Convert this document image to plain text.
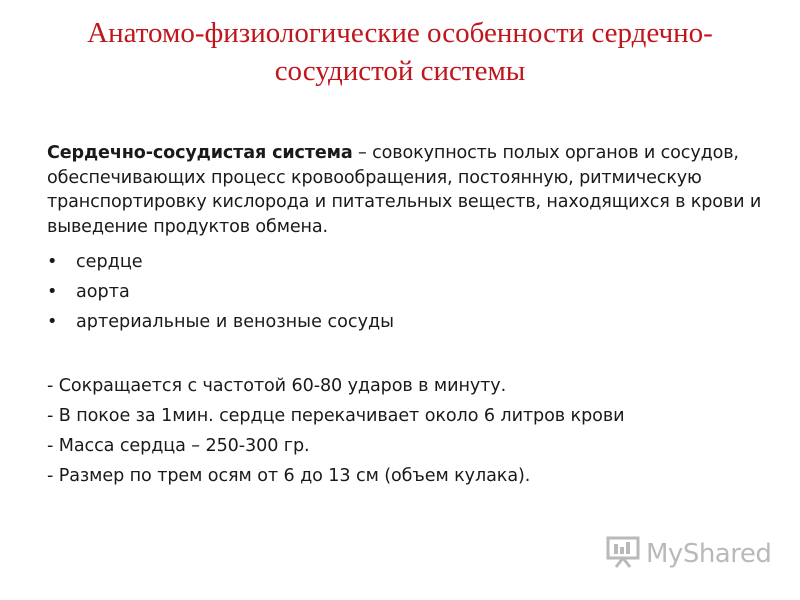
Анатомо-физиологические особенности сердечно-сосудистой системы

Сердечно-сосудистая система – совокупность полых органов и сосудов, обеспечивающих процесс кровообращения, постоянную, ритмическую транспортировку кислорода и питательных веществ, находящихся в крови и выведение продуктов обмена.

• сердце
• аорта
• артериальные и венозные сосуды
- Сокращается с частотой 60-80 ударов в минуту.
- В покое за 1мин. сердце перекачивает около 6 литров крови
- Масса сердца – 250-300 гр.
- Размер по трем осям от 6 до 13 см (объем кулака).
MyShared
